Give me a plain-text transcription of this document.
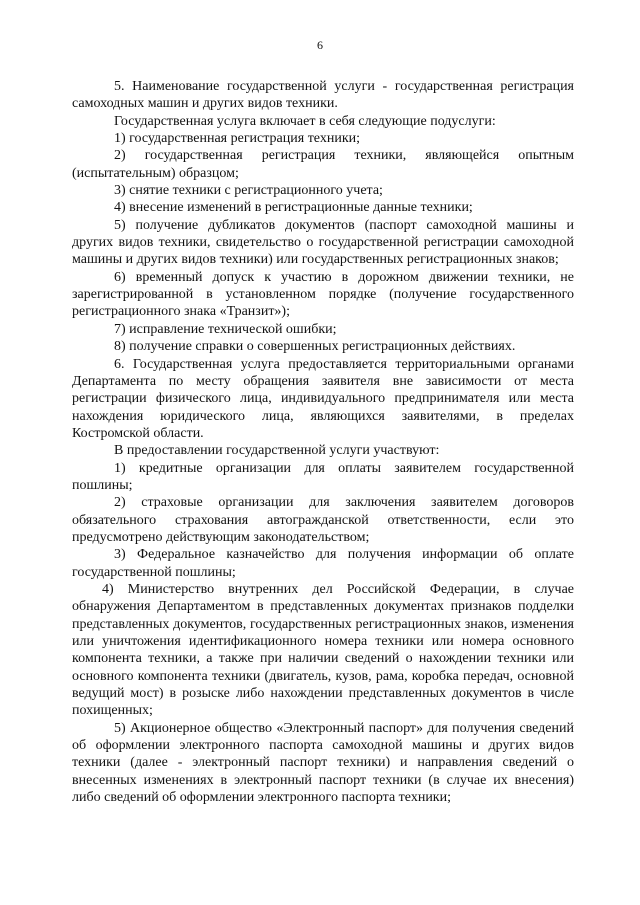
6

5. Наименование государственной услуги - государственная регистрация самоходных машин и других видов техники.

Государственная услуга включает в себя следующие подуслуги:

1) государственная регистрация техники;

2) государственная регистрация техники, являющейся опытным (испытательным) образцом;

3) снятие техники с регистрационного учета;

4) внесение изменений в регистрационные данные техники;

5) получение дубликатов документов (паспорт самоходной машины и других видов техники, свидетельство о государственной регистрации самоходной машины и других видов техники) или государственных регистрационных знаков;

6) временный допуск к участию в дорожном движении техники, не зарегистрированной в установленном порядке (получение государственного регистрационного знака «Транзит»);

7) исправление технической ошибки;

8) получение справки о совершенных регистрационных действиях.

6. Государственная услуга предоставляется территориальными органами Департамента по месту обращения заявителя вне зависимости от места регистрации физического лица, индивидуального предпринимателя или места нахождения юридического лица, являющихся заявителями, в пределах Костромской области.

В предоставлении государственной услуги участвуют:

1) кредитные организации для оплаты заявителем государственной пошлины;

2) страховые организации для заключения заявителем договоров обязательного страхования автогражданской ответственности, если это предусмотрено действующим законодательством;

3) Федеральное казначейство для получения информации об оплате государственной пошлины;

4) Министерство внутренних дел Российской Федерации, в случае обнаружения Департаментом в представленных документах признаков подделки представленных документов, государственных регистрационных знаков, изменения или уничтожения идентификационного номера техники или номера основного компонента техники, а также при наличии сведений о нахождении техники или основного компонента техники (двигатель, кузов, рама, коробка передач, основной ведущий мост) в розыске либо нахождении представленных документов в числе похищенных;

5) Акционерное общество «Электронный паспорт» для получения сведений об оформлении электронного паспорта самоходной машины и других видов техники (далее - электронный паспорт техники) и направления сведений о внесенных изменениях в электронный паспорт техники (в случае их внесения) либо сведений об оформлении электронного паспорта техники;
